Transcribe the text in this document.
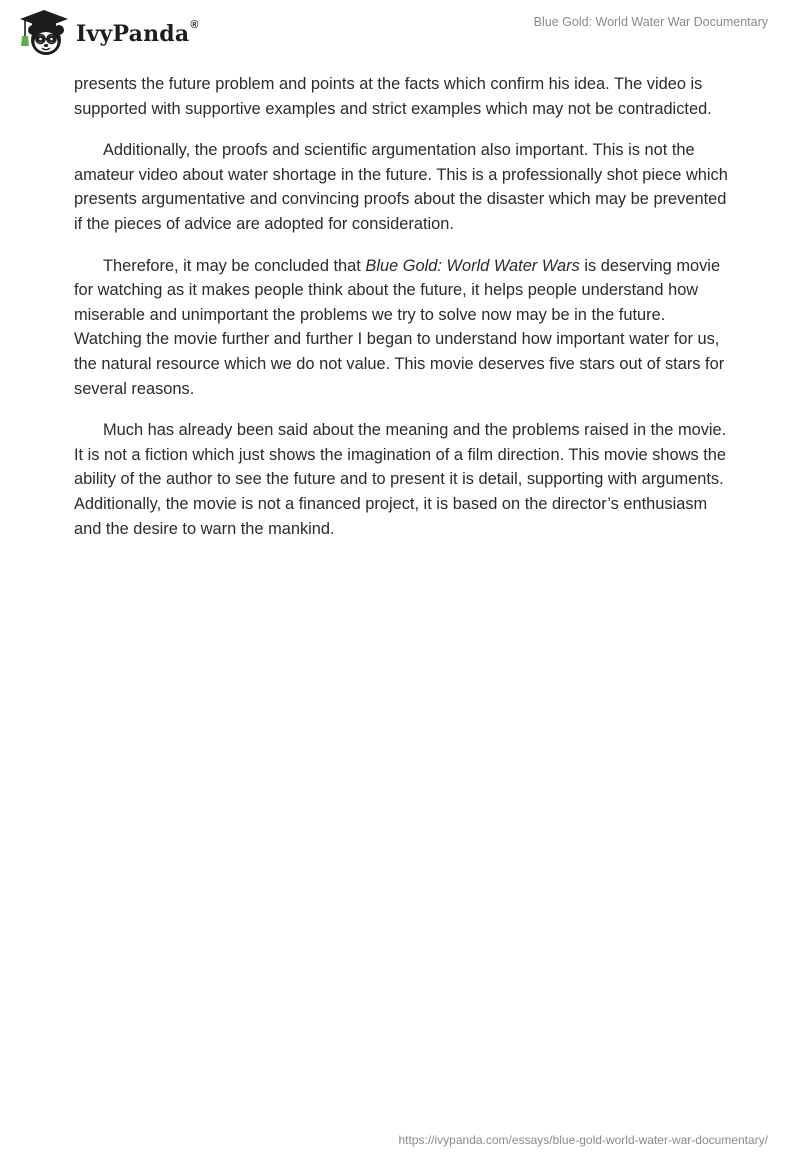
IvyPanda®	Blue Gold: World Water War Documentary

presents the future problem and points at the facts which confirm his idea. The video is supported with supportive examples and strict examples which may not be contradicted.

Additionally, the proofs and scientific argumentation also important. This is not the amateur video about water shortage in the future. This is a professionally shot piece which presents argumentative and convincing proofs about the disaster which may be prevented if the pieces of advice are adopted for consideration.

Therefore, it may be concluded that Blue Gold: World Water Wars is deserving movie for watching as it makes people think about the future, it helps people understand how miserable and unimportant the problems we try to solve now may be in the future. Watching the movie further and further I began to understand how important water for us, the natural resource which we do not value. This movie deserves five stars out of stars for several reasons.

Much has already been said about the meaning and the problems raised in the movie. It is not a fiction which just shows the imagination of a film direction. This movie shows the ability of the author to see the future and to present it is detail, supporting with arguments. Additionally, the movie is not a financed project, it is based on the director’s enthusiasm and the desire to warn the mankind.

https://ivypanda.com/essays/blue-gold-world-water-war-documentary/
